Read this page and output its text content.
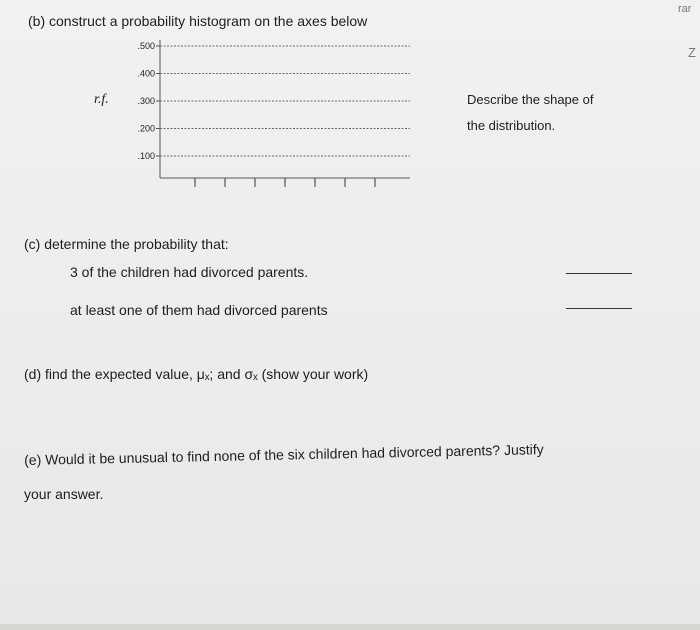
(b) construct a probability histogram on the axes below
r.f.
.500
.400
.300
.200
.100
Describe the shape of
the distribution.
(c) determine the probability that:
3 of the children had divorced parents.
at least one of them had divorced parents
(d) find the expected value, μₓ; and σₓ (show your work)
(e) Would it be unusual to find none of the six children had divorced parents? Justify
your answer.
rar
Z
